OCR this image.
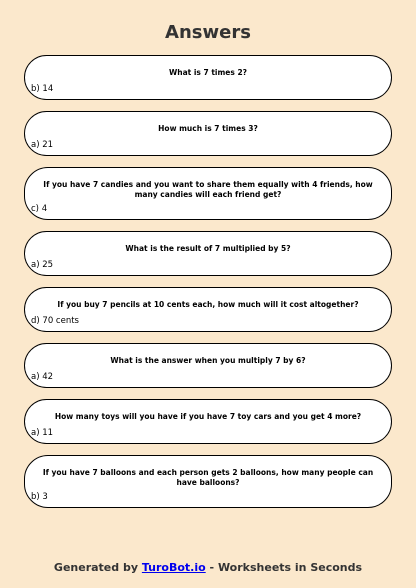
Answers
What is 7 times 2?
b) 14
How much is 7 times 3?
a) 21
If you have 7 candies and you want to share them equally with 4 friends, how many candies will each friend get?
c) 4
What is the result of 7 multiplied by 5?
a) 25
If you buy 7 pencils at 10 cents each, how much will it cost altogether?
d) 70 cents
What is the answer when you multiply 7 by 6?
a) 42
How many toys will you have if you have 7 toy cars and you get 4 more?
a) 11
If you have 7 balloons and each person gets 2 balloons, how many people can have balloons?
b) 3
Generated by TuroBot.io - Worksheets in Seconds
